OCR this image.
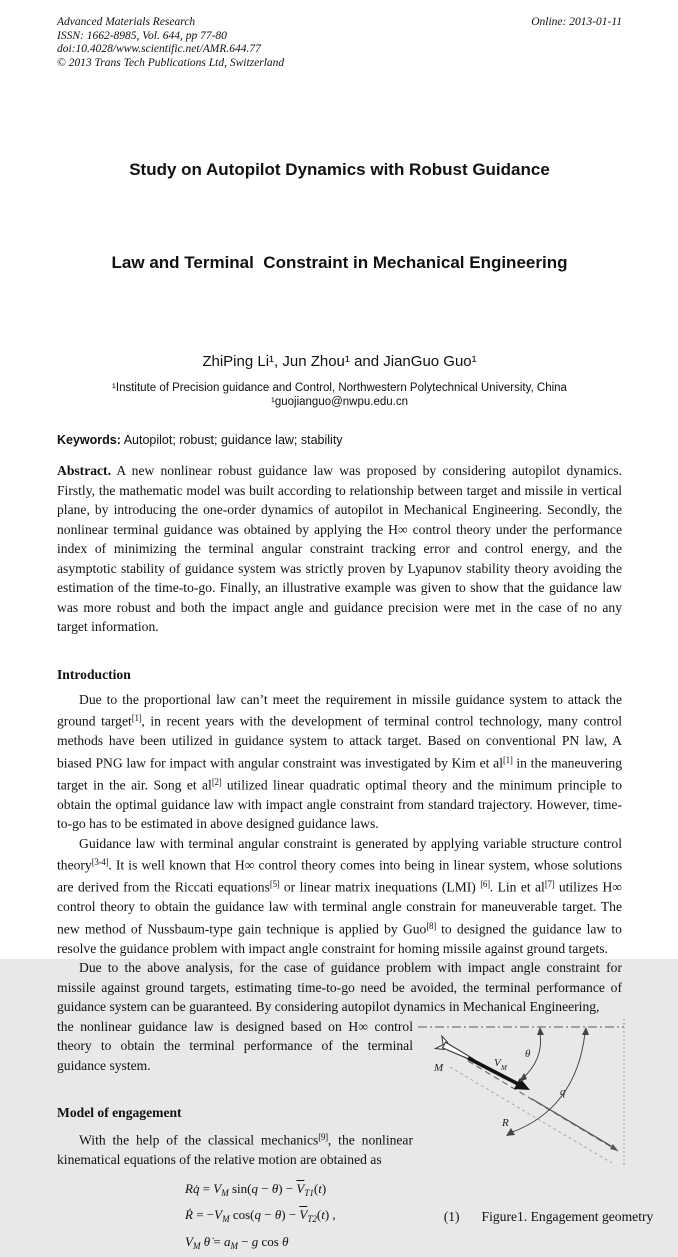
Advanced Materials Research	Online: 2013-01-11
ISSN: 1662-8985, Vol. 644, pp 77-80
doi:10.4028/www.scientific.net/AMR.644.77
© 2013 Trans Tech Publications Ltd, Switzerland

Study on Autopilot Dynamics with Robust Guidance

Law and Terminal  Constraint in Mechanical Engineering

ZhiPing Li¹, Jun Zhou¹ and JianGuo Guo¹
¹Institute of Precision guidance and Control, Northwestern Polytechnical University, China
¹guojianguo@nwpu.edu.cn
Keywords: Autopilot; robust; guidance law; stability
Abstract. A new nonlinear robust guidance law was proposed by considering autopilot dynamics. Firstly, the mathematic model was built according to relationship between target and missile in vertical plane, by introducing the one-order dynamics of autopilot in Mechanical Engineering. Secondly, the nonlinear terminal guidance was obtained by applying the H∞ control theory under the performance index of minimizing the terminal angular constraint tracking error and control energy, and the asymptotic stability of guidance system was strictly proven by Lyapunov stability theory avoiding the estimation of the time-to-go. Finally, an illustrative example was given to show that the guidance law was more robust and both the impact angle and guidance precision were met in the case of no any target information.
Introduction
Due to the proportional law can’t meet the requirement in missile guidance system to attack the ground target[1], in recent years with the development of terminal control technology, many control methods have been utilized in guidance system to attack target. Based on conventional PN law, A biased PNG law for impact with angular constraint was investigated by Kim et al[1] in the maneuvering target in the air. Song et al[2] utilized linear quadratic optimal theory and the minimum principle to obtain the optimal guidance law with impact angle constraint from standard trajectory. However, time-to-go has to be estimated in above designed guidance laws.
Guidance law with terminal angular constraint is generated by applying variable structure control theory[3-4]. It is well known that H∞ control theory comes into being in linear system, whose solutions are derived from the Riccati equations[5] or linear matrix inequations (LMI) [6]. Lin et al[7] utilizes H∞ control theory to obtain the guidance law with terminal angle constrain for maneuverable target. The new method of Nussbaum-type gain technique is applied by Guo[8] to designed the guidance law to resolve the guidance problem with impact angle constraint for homing missile against ground targets.
Due to the above analysis, for the case of guidance problem with impact angle constraint for missile against ground targets, estimating time-to-go need be avoided, the terminal performance of guidance system can be guaranteed. By considering autopilot dynamics in Mechanical Engineering,
the nonlinear guidance law is designed based on H∞ control theory to obtain the terminal performance of the terminal guidance system.
Model of engagement
With the help of the classical mechanics[9], the nonlinear kinematical equations of the relative motion are obtained as
M	V M
θ
q
R
Rq̇ = $V_M$ $\sin(q - \theta) - \overline{V}_{T1}(t)$
Ṙ = $-V_M$ $\cos(q - \theta) - \overline{V}_{T2}(t)$ ,
$V_M$ θ̇ = $a_M - g$ cos θ
(1) Figure1. Engagement geometry
